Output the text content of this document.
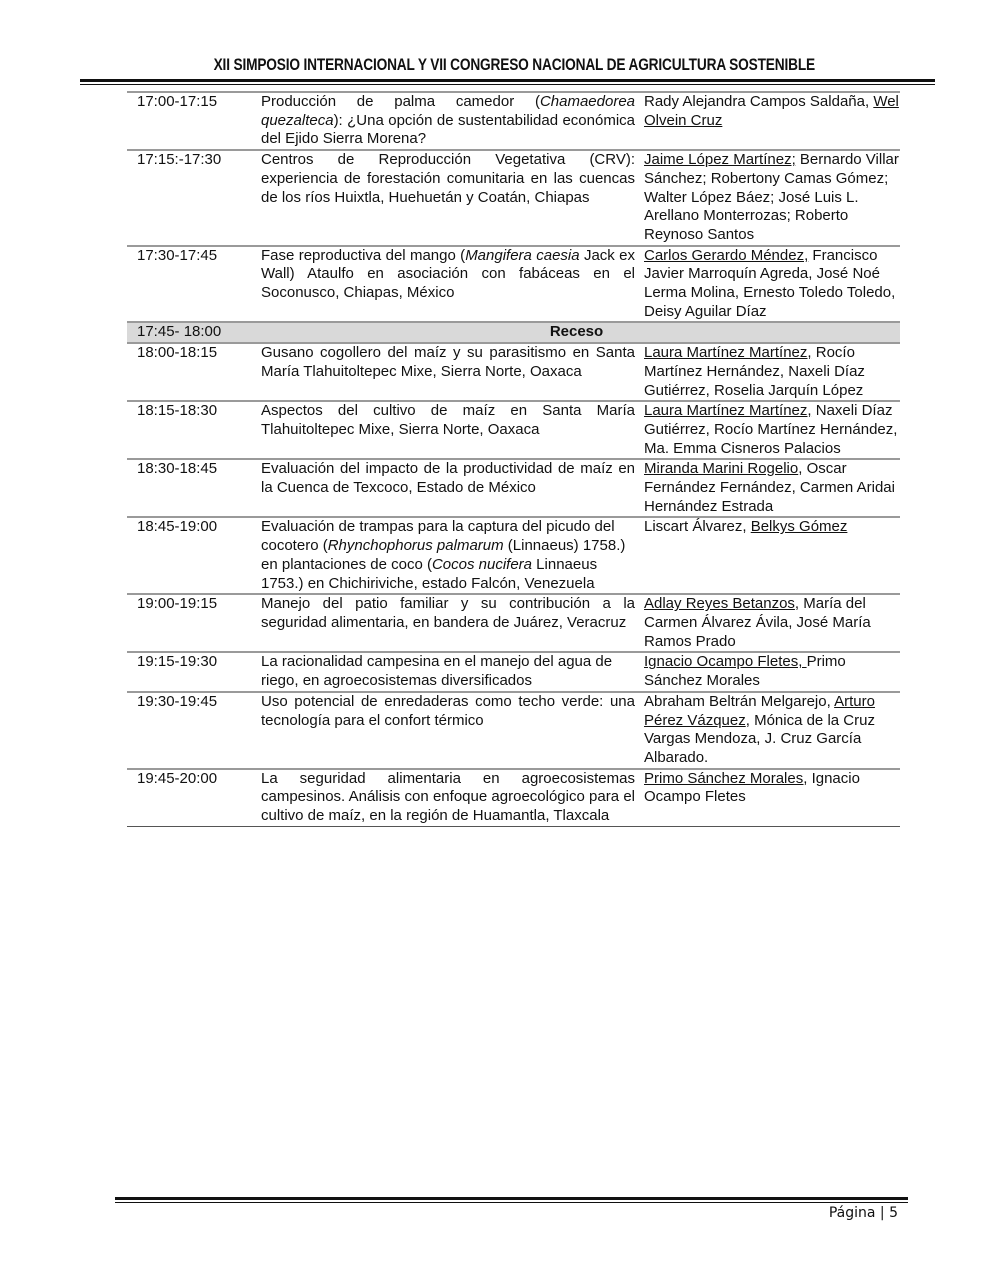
XII SIMPOSIO INTERNACIONAL Y VII CONGRESO NACIONAL DE AGRICULTURA SOSTENIBLE
17:00-17:15	Producción de palma camedor (Chamaedorea quezalteca): ¿Una opción de sustentabilidad económica del Ejido Sierra Morena?	Rady Alejandra Campos Saldaña, Wel Olvein Cruz
17:15:-17:30	Centros de Reproducción Vegetativa (CRV): experiencia de forestación comunitaria en las cuencas de los ríos Huixtla, Huehuetán y Coatán, Chiapas	Jaime López Martínez; Bernardo Villar Sánchez; Robertony Camas Gómez; Walter López Báez; José Luis L. Arellano Monterrozas; Roberto Reynoso Santos
17:30-17:45	Fase reproductiva del mango (Mangifera caesia Jack ex Wall) Ataulfo en asociación con fabáceas en el Soconusco, Chiapas, México	Carlos Gerardo Méndez, Francisco Javier Marroquín Agreda, José Noé Lerma Molina, Ernesto Toledo Toledo, Deisy Aguilar Díaz
17:45- 18:00	Receso	
18:00-18:15	Gusano cogollero del maíz y su parasitismo en Santa María Tlahuitoltepec Mixe, Sierra Norte, Oaxaca	Laura Martínez Martínez, Rocío Martínez Hernández, Naxeli Díaz Gutiérrez, Roselia Jarquín López
18:15-18:30	Aspectos del cultivo de maíz en Santa María Tlahuitoltepec Mixe, Sierra Norte, Oaxaca	Laura Martínez Martínez, Naxeli Díaz Gutiérrez, Rocío Martínez Hernández, Ma. Emma Cisneros Palacios
18:30-18:45	Evaluación del impacto de la productividad de maíz en la Cuenca de Texcoco, Estado de México	Miranda Marini Rogelio, Oscar Fernández Fernández, Carmen Aridai Hernández Estrada
18:45-19:00	Evaluación de trampas para la captura del picudo del cocotero (Rhynchophorus palmarum (Linnaeus) 1758.) en plantaciones de coco (Cocos nucifera Linnaeus 1753.) en Chichiriviche, estado Falcón, Venezuela	Liscart Álvarez, Belkys Gómez
19:00-19:15	Manejo del patio familiar y su contribución a la seguridad alimentaria, en bandera de Juárez, Veracruz	Adlay Reyes Betanzos, María del Carmen Álvarez Ávila, José María Ramos Prado
19:15-19:30	La racionalidad campesina en el manejo del agua de riego, en agroecosistemas diversificados	Ignacio Ocampo Fletes, Primo Sánchez Morales
19:30-19:45	Uso potencial de enredaderas como techo verde: una tecnología para el confort térmico	Abraham Beltrán Melgarejo, Arturo Pérez Vázquez, Mónica de la Cruz Vargas Mendoza, J. Cruz García Albarado.
19:45-20:00	La seguridad alimentaria en agroecosistemas campesinos. Análisis con enfoque agroecológico para el cultivo de maíz, en la región de Huamantla, Tlaxcala	Primo Sánchez Morales, Ignacio Ocampo Fletes
Página | 5
